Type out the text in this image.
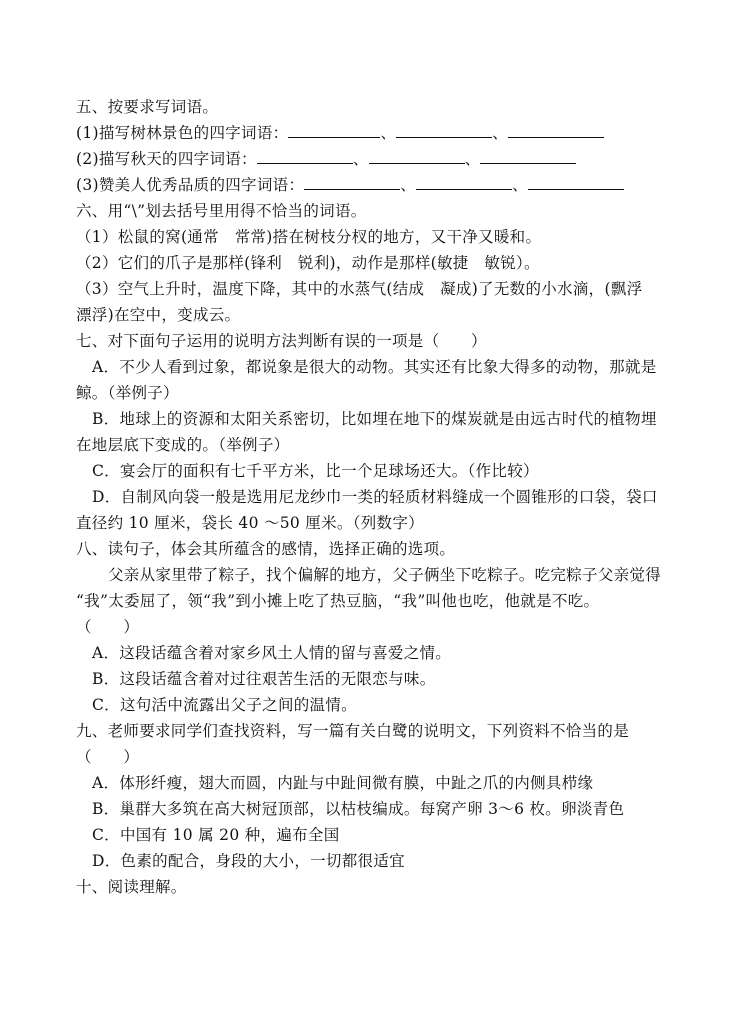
五、按要求写词语。
(1)描写树林景色的四字词语：	、	、
(2)描写秋天的四字词语：	、	、
(3)赞美人优秀品质的四字词语：	、	、
六、用“\”划去括号里用得不恰当的词语。
（1）松鼠的窝(通常　常常)搭在树枝分杈的地方，又干净又暖和。
（2）它们的爪子是那样(锋利　锐利)，动作是那样(敏捷　敏锐）。
（3）空气上升时，温度下降，其中的水蒸气(结成　凝成)了无数的小水滴，(飘浮
漂浮)在空中，变成云。
七、对下面句子运用的说明方法判断有误的一项是（　　）
A．不少人看到过象，都说象是很大的动物。其实还有比象大得多的动物，那就是
鲸。（举例子）
B．地球上的资源和太阳关系密切，比如埋在地下的煤炭就是由远古时代的植物埋
在地层底下变成的。（举例子）
C．宴会厅的面积有七千平方米，比一个足球场还大。（作比较）
D．自制风向袋一般是选用尼龙纱巾一类的轻质材料缝成一个圆锥形的口袋，袋口
直径约 10 厘米，袋长 40 ～50 厘米。（列数字）
八、读句子，体会其所蕴含的感情，选择正确的选项。
父亲从家里带了粽子，找个偏解的地方，父子俩坐下吃粽子。吃完粽子父亲觉得
“我”太委屈了，领“我”到小摊上吃了热豆脑，“我”叫他也吃，他就是不吃。
（　　）
A．这段话蕴含着对家乡风土人情的留与喜爱之情。
B．这段话蕴含着对过往艰苦生活的无限恋与味。
C．这句活中流露出父子之间的温情。
九、老师要求同学们查找资料，写一篇有关白鹭的说明文，下列资料不恰当的是
（　　）
A．体形纤瘦，翅大而圆，内趾与中趾间微有膜，中趾之爪的内侧具栉缘
B．巢群大多筑在高大树冠顶部，以枯枝编成。每窝产卵 3～6 枚。卵淡青色
C．中国有 10 属 20 种，遍布全国
D．色素的配合，身段的大小，一切都很适宜
十、阅读理解。
